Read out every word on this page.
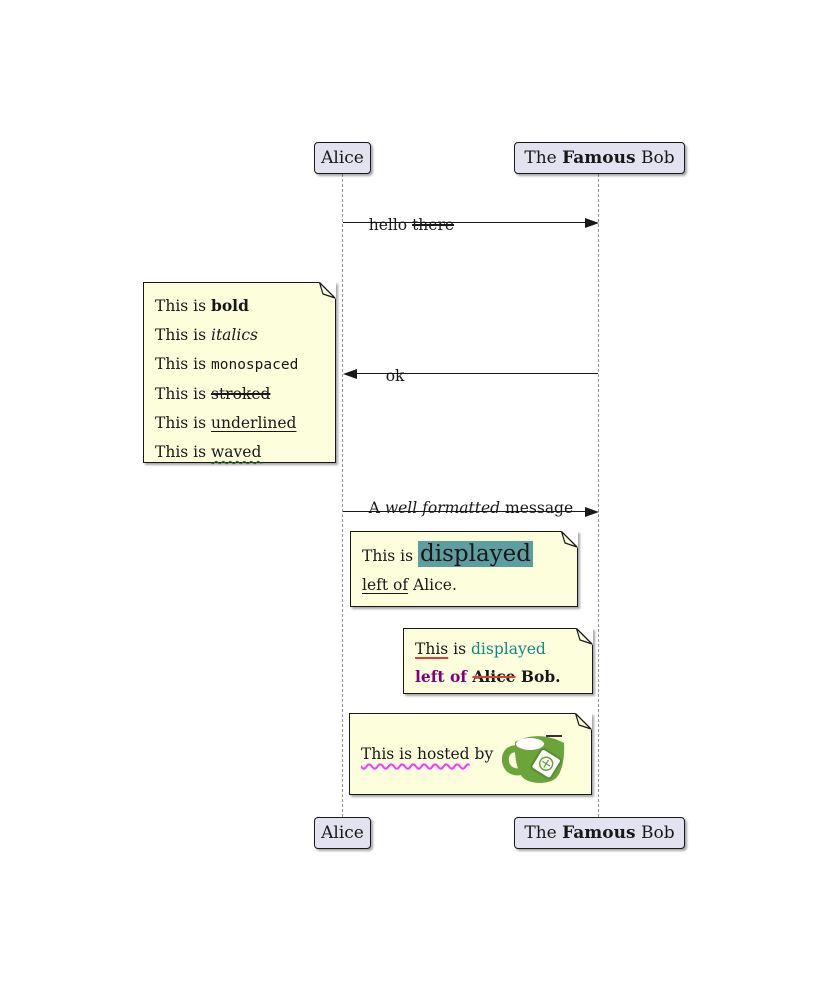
Alice	The Famous Bob

hello there

This is bold
This is italics
This is monospaced
This is stroked
This is underlined
This is waved

ok

A well formatted message

This is displayed
left of Alice.
This is displayed
left of Alice Bob.
This is hosted by
Alice	The Famous Bob
